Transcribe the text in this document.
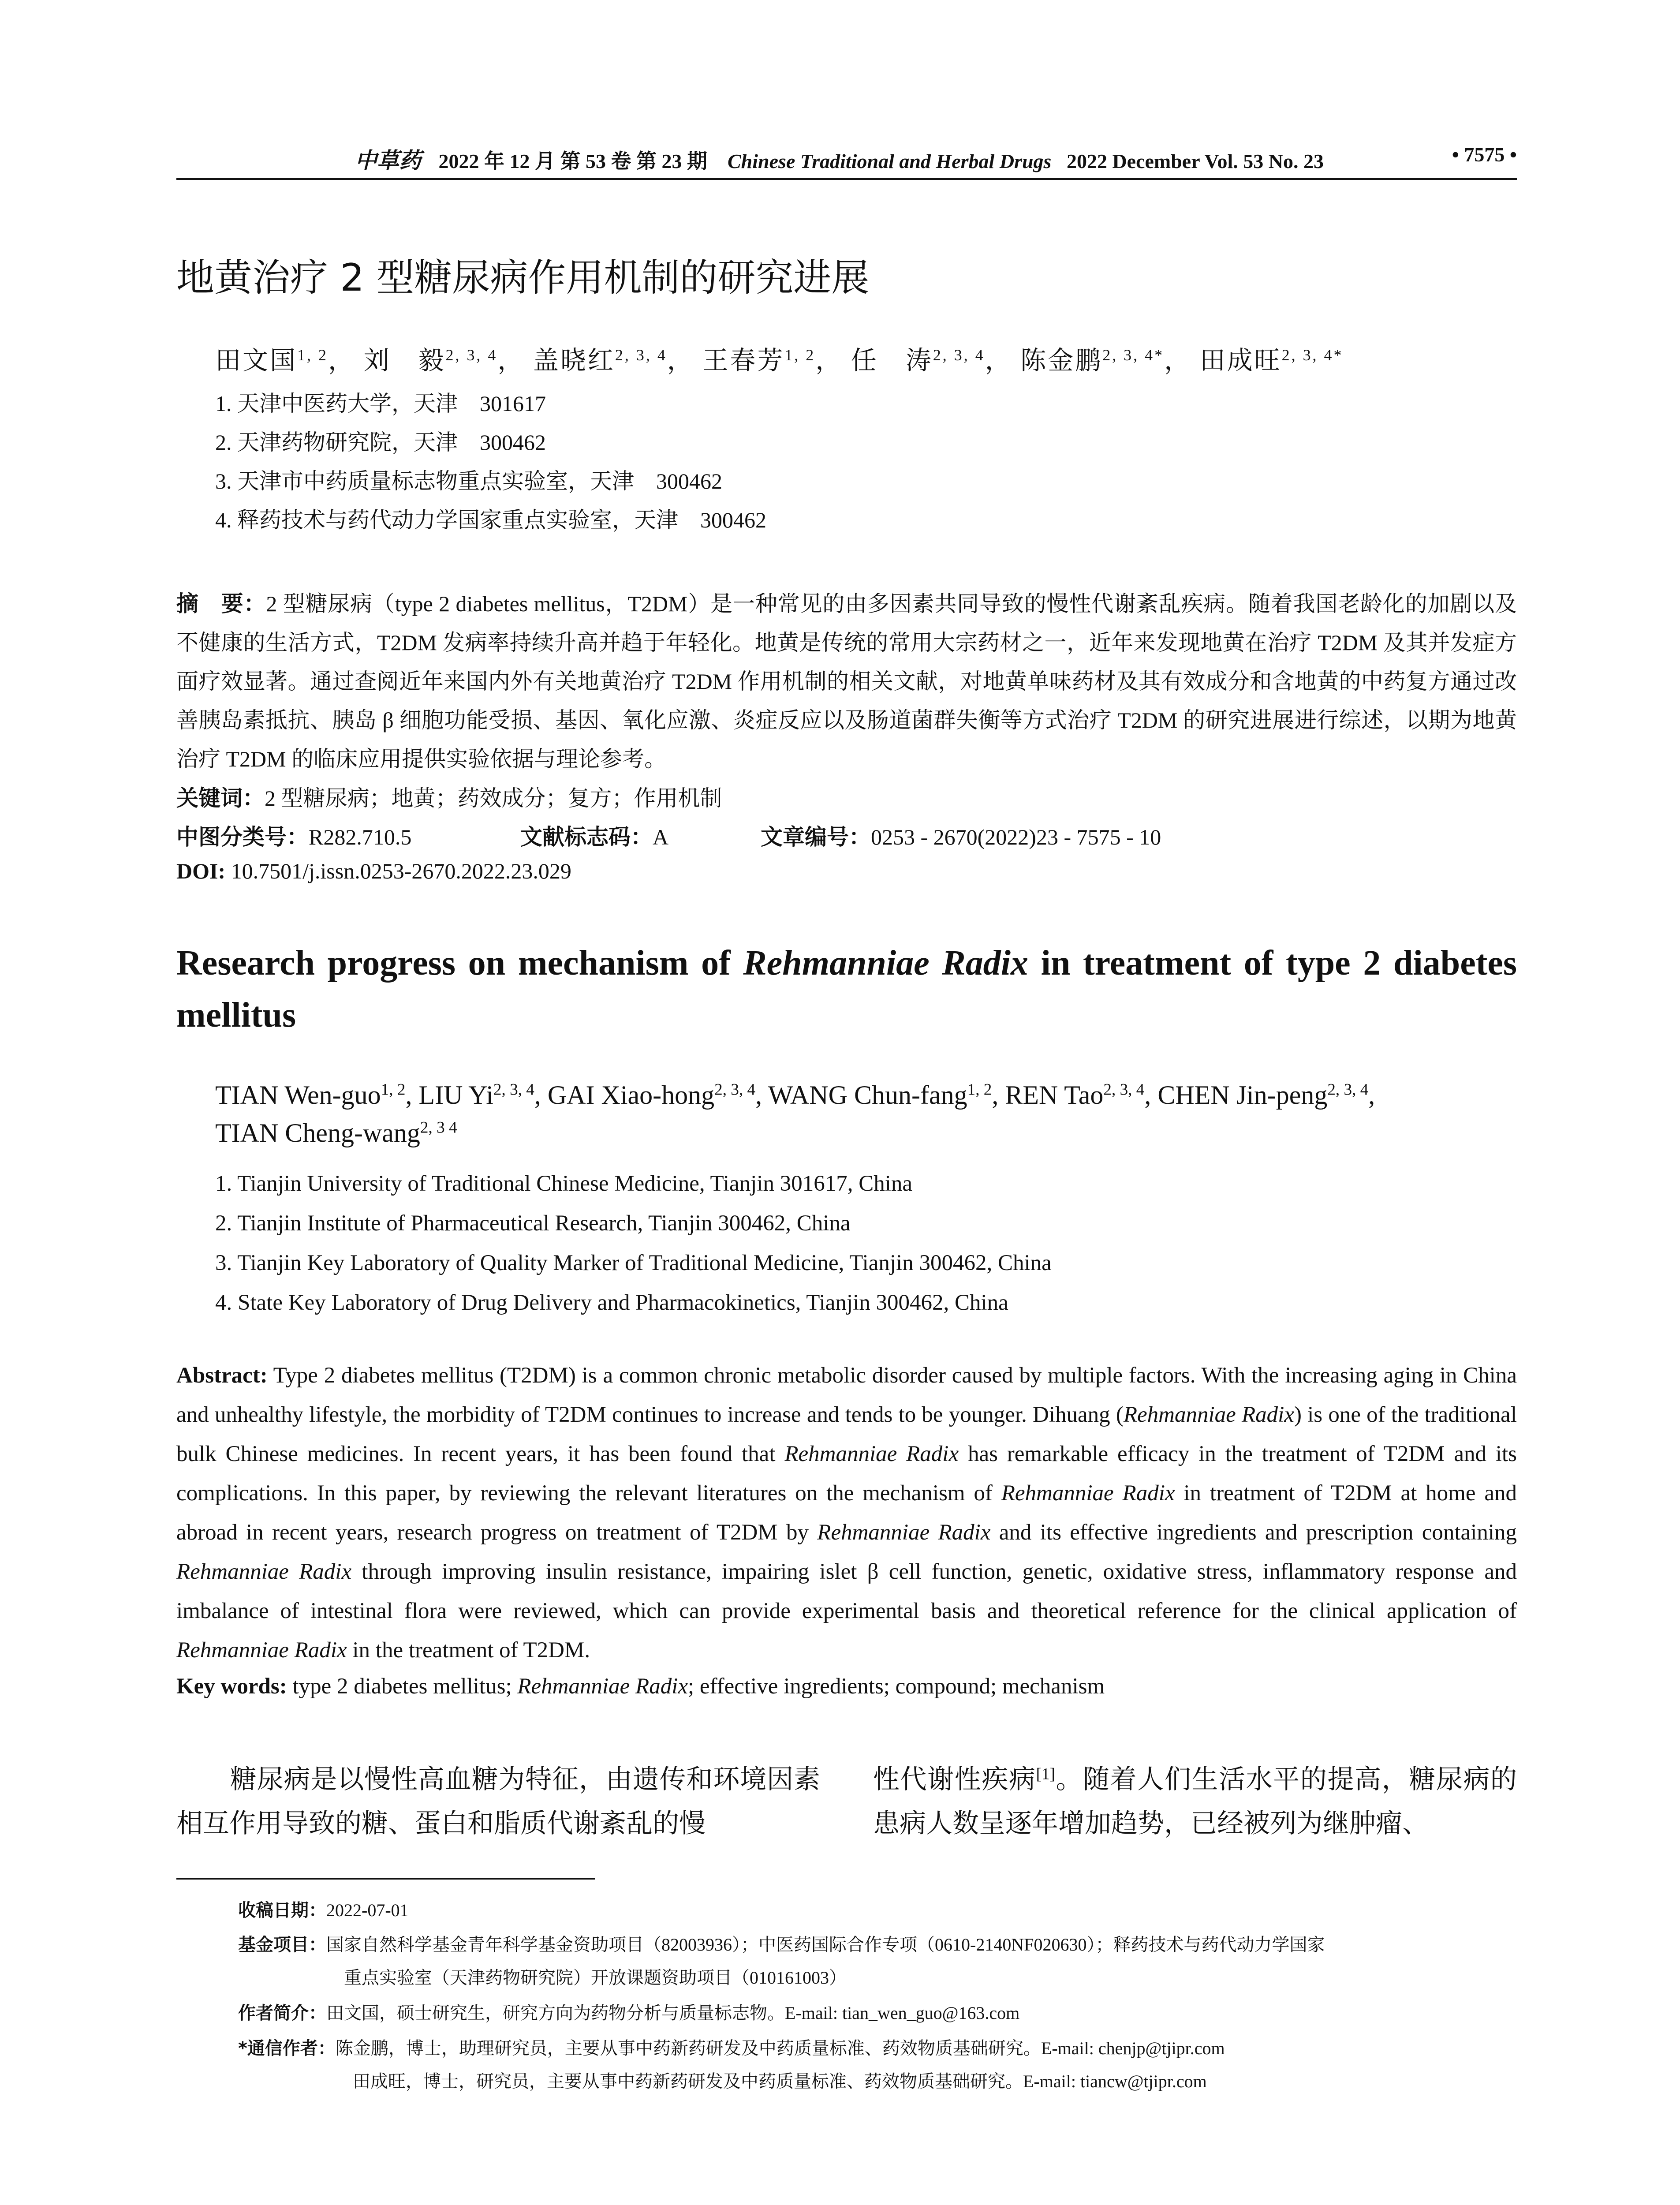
中草药 2022 年 12 月 第 53 卷 第 23 期 Chinese Traditional and Herbal Drugs 2022 December Vol. 53 No. 23	• 7575 •
地黄治疗 2 型糖尿病作用机制的研究进展
田文国$^{1, 2}$， 刘　毅$^{2, 3, 4}$， 盖晓红$^{2, 3, 4}$， 王春芳$^{1, 2}$， 任　涛$^{2, 3, 4}$， 陈金鹏$^{2, 3, 4*}$， 田成旺$^{2, 3, 4*}$
1. 天津中医药大学，天津　301617
2. 天津药物研究院，天津　300462
3. 天津市中药质量标志物重点实验室，天津　300462
4. 释药技术与药代动力学国家重点实验室，天津　300462
摘　要：2 型糖尿病（type 2 diabetes mellitus，T2DM）是一种常见的由多因素共同导致的慢性代谢紊乱疾病。随着我国老龄化的加剧以及不健康的生活方式，T2DM 发病率持续升高并趋于年轻化。地黄是传统的常用大宗药材之一，近年来发现地黄在治疗 T2DM 及其并发症方面疗效显著。通过查阅近年来国内外有关地黄治疗 T2DM 作用机制的相关文献，对地黄单味药材及其有效成分和含地黄的中药复方通过改善胰岛素抵抗、胰岛 β 细胞功能受损、基因、氧化应激、炎症反应以及肠道菌群失衡等方式治疗 T2DM 的研究进展进行综述，以期为地黄治疗 T2DM 的临床应用提供实验依据与理论参考。
关键词：2 型糖尿病；地黄；药效成分；复方；作用机制
中图分类号：R282.710.5	文献标志码：A	文章编号：0253 - 2670(2022)23 - 7575 - 10
DOI: 10.7501/j.issn.0253-2670.2022.23.029
Research progress on mechanism of Rehmanniae Radix in treatment of type 2 diabetes mellitus
TIAN Wen-guo$^{1, 2}$, LIU Yi$^{2, 3, 4}$, GAI Xiao-hong$^{2, 3, 4}$, WANG Chun-fang$^{1, 2}$, REN Tao$^{2, 3, 4}$, CHEN Jin-peng$^{2, 3, 4}$,
TIAN Cheng-wang$^{2, 3 4}$
1. Tianjin University of Traditional Chinese Medicine, Tianjin 301617, China
2. Tianjin Institute of Pharmaceutical Research, Tianjin 300462, China
3. Tianjin Key Laboratory of Quality Marker of Traditional Medicine, Tianjin 300462, China
4. State Key Laboratory of Drug Delivery and Pharmacokinetics, Tianjin 300462, China
Abstract: Type 2 diabetes mellitus (T2DM) is a common chronic metabolic disorder caused by multiple factors. With the increasing aging in China and unhealthy lifestyle, the morbidity of T2DM continues to increase and tends to be younger. Dihuang (Rehmanniae Radix) is one of the traditional bulk Chinese medicines. In recent years, it has been found that Rehmanniae Radix has remarkable efficacy in the treatment of T2DM and its complications. In this paper, by reviewing the relevant literatures on the mechanism of Rehmanniae Radix in treatment of T2DM at home and abroad in recent years, research progress on treatment of T2DM by Rehmanniae Radix and its effective ingredients and prescription containing Rehmanniae Radix through improving insulin resistance, impairing islet β cell function, genetic, oxidative stress, inflammatory response and imbalance of intestinal flora were reviewed, which can provide experimental basis and theoretical reference for the clinical application of Rehmanniae Radix in the treatment of T2DM.
Key words: type 2 diabetes mellitus; Rehmanniae Radix; effective ingredients; compound; mechanism
　　糖尿病是以慢性高血糖为特征，由遗传和环境因素相互作用导致的糖、蛋白和脂质代谢紊乱的慢
性代谢性疾病[1]。随着人们生活水平的提高，糖尿病的患病人数呈逐年增加趋势，已经被列为继肿瘤、
收稿日期：2022-07-01
基金项目：国家自然科学基金青年科学基金资助项目（82003936）；中医药国际合作专项（0610-2140NF020630）；释药技术与药代动力学国家
重点实验室（天津药物研究院）开放课题资助项目（010161003）
作者简介：田文国，硕士研究生，研究方向为药物分析与质量标志物。E-mail: tian_wen_guo@163.com
*通信作者：陈金鹏，博士，助理研究员，主要从事中药新药研发及中药质量标准、药效物质基础研究。E-mail: chenjp@tjipr.com
田成旺，博士，研究员，主要从事中药新药研发及中药质量标准、药效物质基础研究。E-mail: tiancw@tjipr.com
